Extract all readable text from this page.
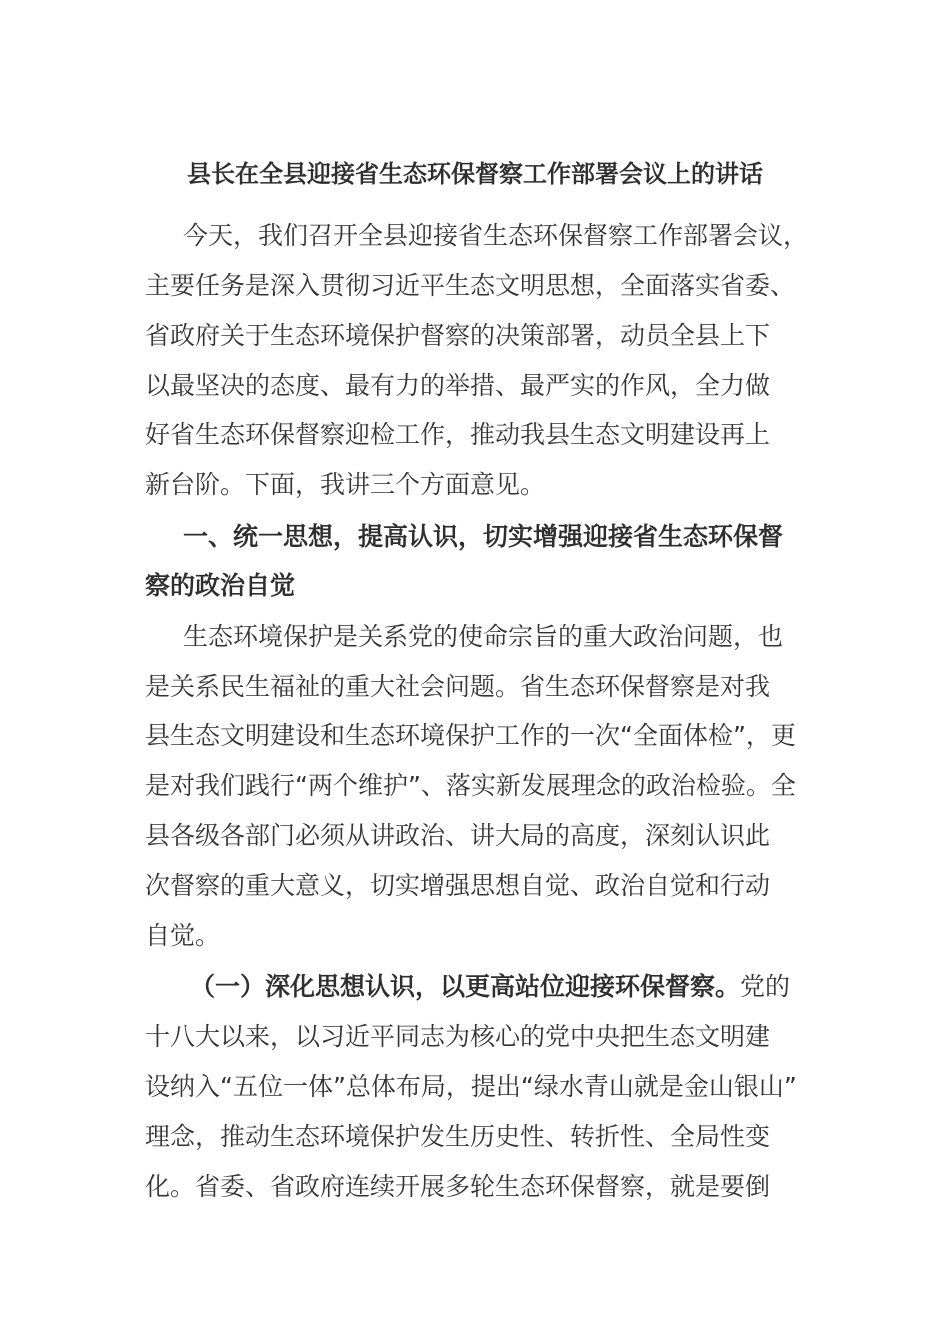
县长在全县迎接省生态环保督察工作部署会议上的讲话
今天，我们召开全县迎接省生态环保督察工作部署会议，
主要任务是深入贯彻习近平生态文明思想，全面落实省委、
省政府关于生态环境保护督察的决策部署，动员全县上下
以最坚决的态度、最有力的举措、最严实的作风，全力做
好省生态环保督察迎检工作，推动我县生态文明建设再上
新台阶。下面，我讲三个方面意见。
一、统一思想，提高认识，切实增强迎接省生态环保督
察的政治自觉
生态环境保护是关系党的使命宗旨的重大政治问题，也
是关系民生福祉的重大社会问题。省生态环保督察是对我
县生态文明建设和生态环境保护工作的一次“全面体检”，更
是对我们践行“两个维护”、落实新发展理念的政治检验。全
县各级各部门必须从讲政治、讲大局的高度，深刻认识此
次督察的重大意义，切实增强思想自觉、政治自觉和行动
自觉。
（一）深化思想认识，以更高站位迎接环保督察。党的
十八大以来，以习近平同志为核心的党中央把生态文明建
设纳入“五位一体”总体布局，提出“绿水青山就是金山银山”
理念，推动生态环境保护发生历史性、转折性、全局性变
化。省委、省政府连续开展多轮生态环保督察，就是要倒
